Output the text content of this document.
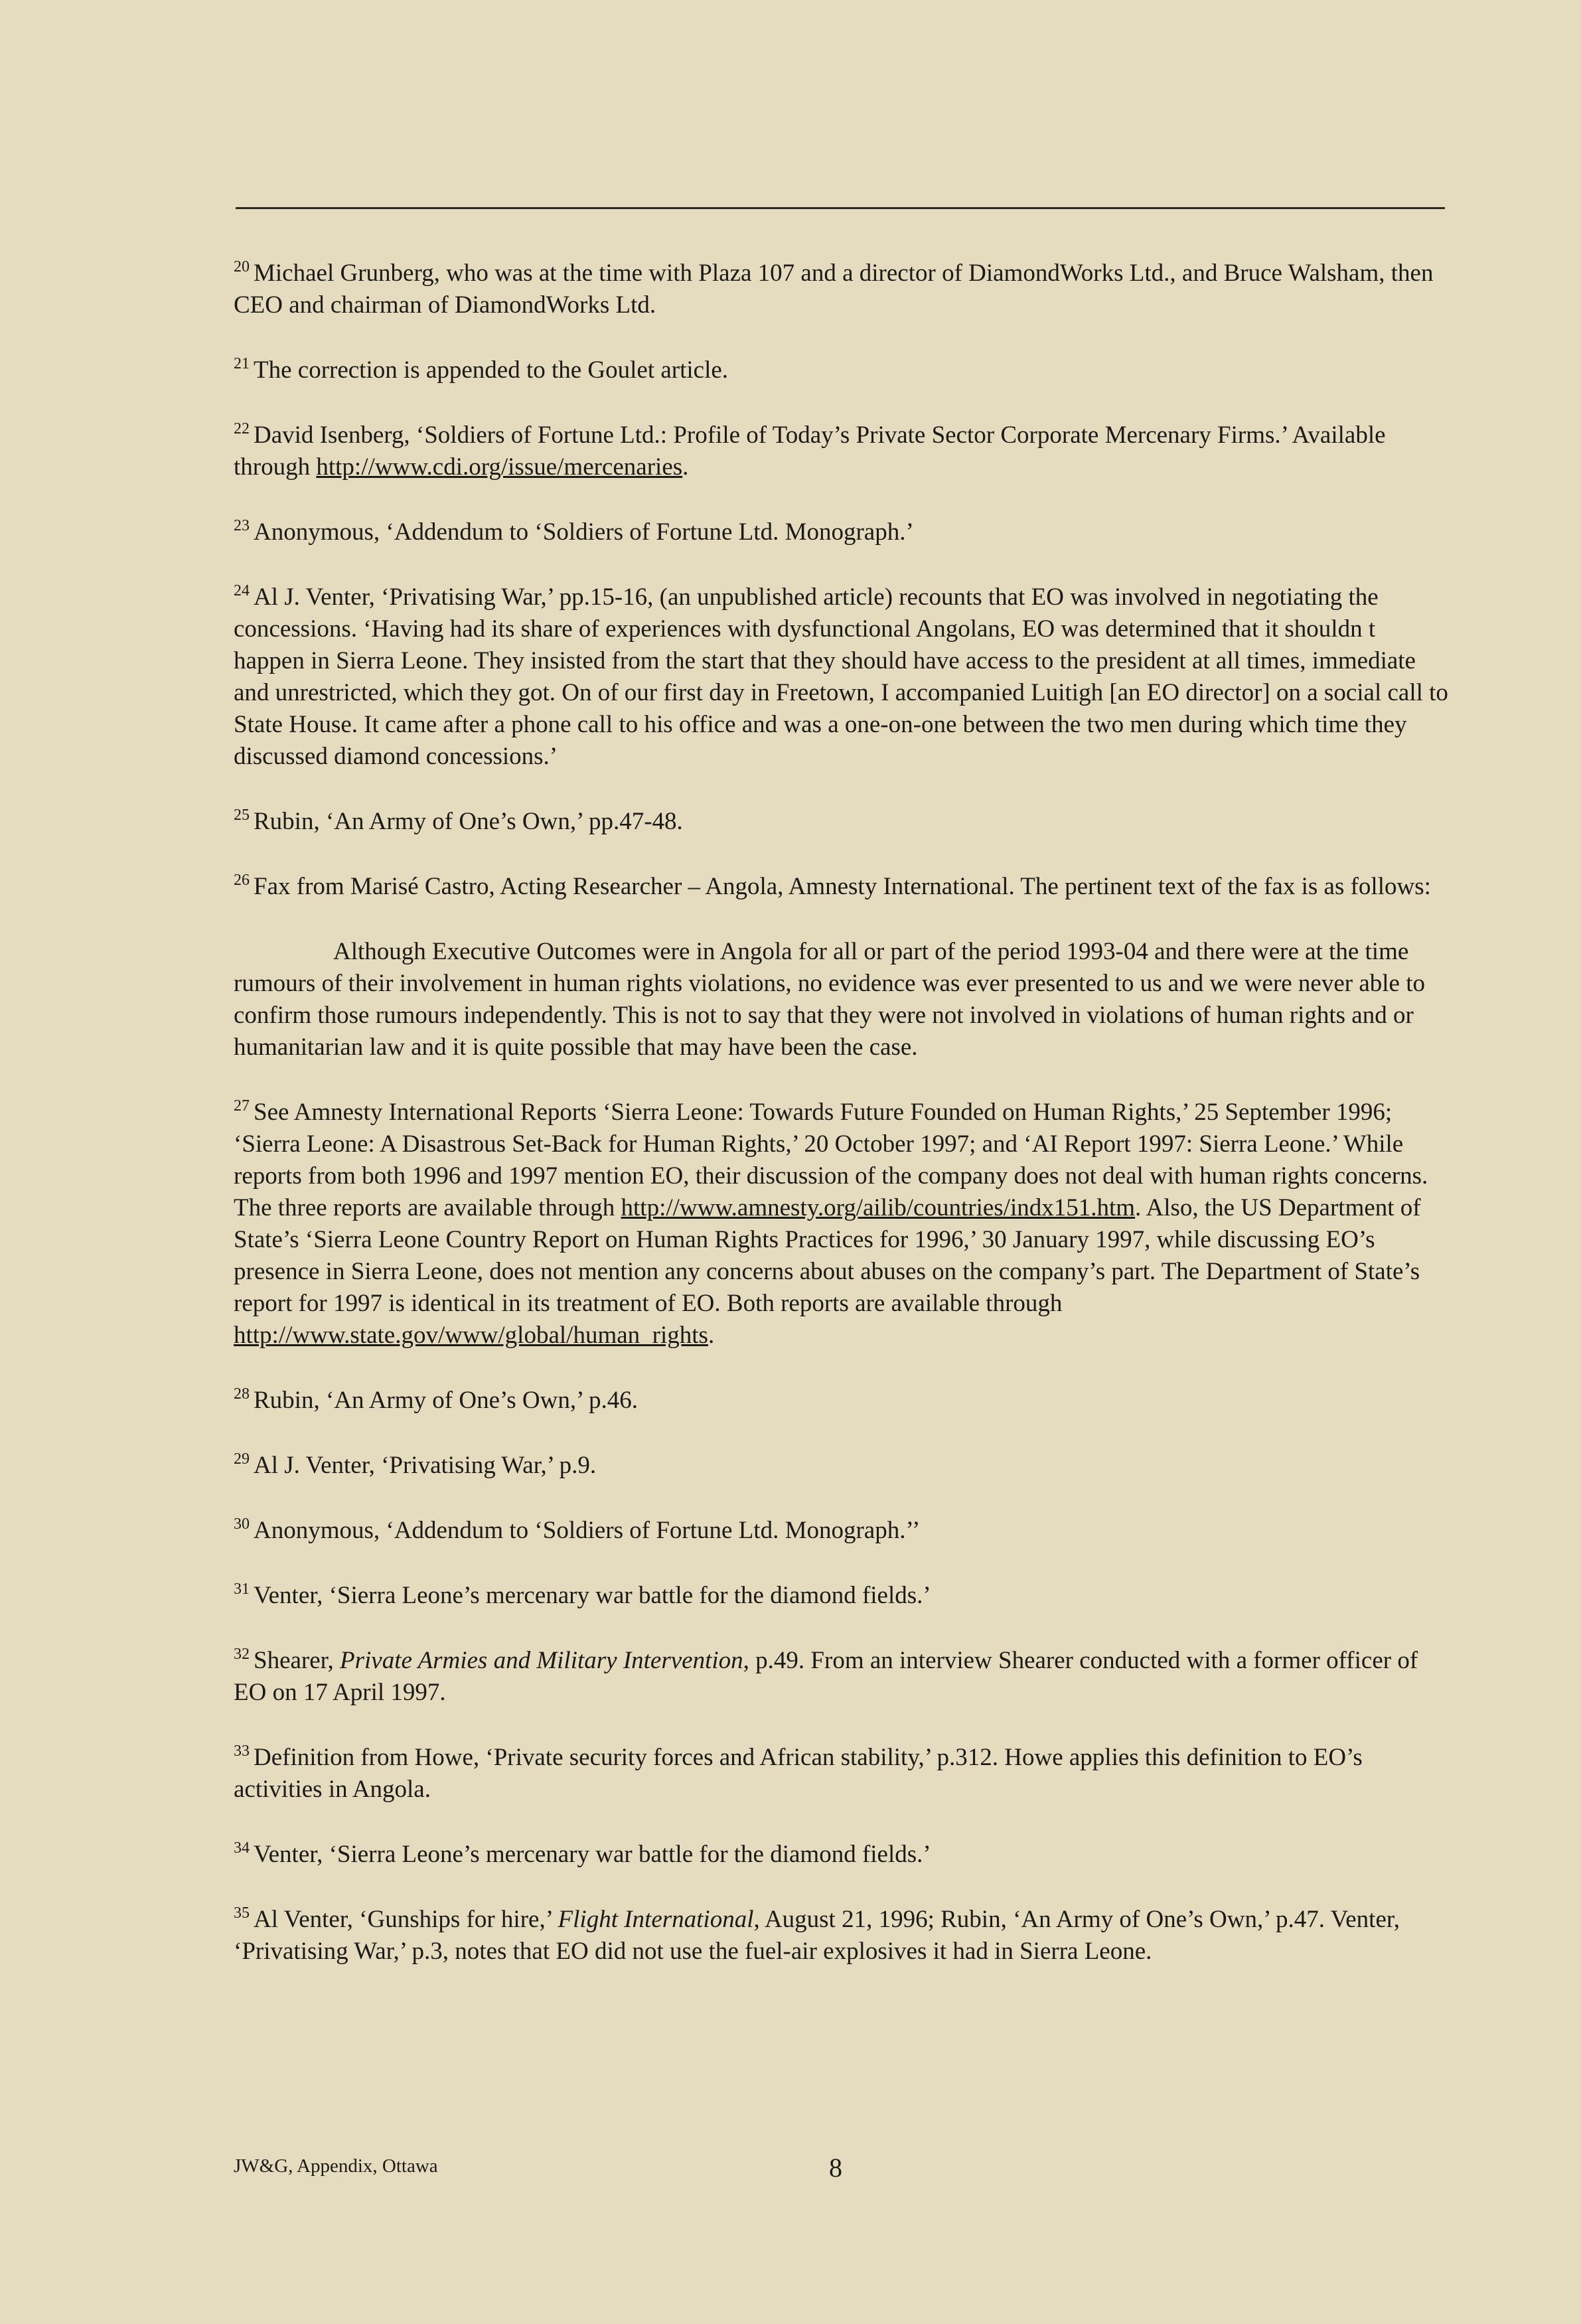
$^{20}$ Michael Grunberg, who was at the time with Plaza 107 and a director of DiamondWorks Ltd., and Bruce Walsham, then CEO and chairman of DiamondWorks Ltd.

$^{21}$ The correction is appended to the Goulet article.

$^{22}$ David Isenberg, ‘Soldiers of Fortune Ltd.: Profile of Today’s Private Sector Corporate Mercenary Firms.’ Available through http://www.cdi.org/issue/mercenaries.

$^{23}$ Anonymous, ‘Addendum to ‘Soldiers of Fortune Ltd. Monograph.’

$^{24}$ Al J. Venter, ‘Privatising War,’ pp.15-16, (an unpublished article) recounts that EO was involved in negotiating the concessions. ‘Having had its share of experiences with dysfunctional Angolans, EO was determined that it shouldn t happen in Sierra Leone. They insisted from the start that they should have access to the president at all times, immediate and unrestricted, which they got. On of our first day in Freetown, I accompanied Luitigh [an EO director] on a social call to State House. It came after a phone call to his office and was a one-on-one between the two men during which time they discussed diamond concessions.’

$^{25}$ Rubin, ‘An Army of One’s Own,’ pp.47-48.

$^{26}$ Fax from Marisé Castro, Acting Researcher – Angola, Amnesty International. The pertinent text of the fax is as follows:

Although Executive Outcomes were in Angola for all or part of the period 1993-04 and there were at the time rumours of their involvement in human rights violations, no evidence was ever presented to us and we were never able to confirm those rumours independently. This is not to say that they were not involved in violations of human rights and or humanitarian law and it is quite possible that may have been the case.

$^{27}$ See Amnesty International Reports ‘Sierra Leone: Towards Future Founded on Human Rights,’ 25 September 1996; ‘Sierra Leone: A Disastrous Set-Back for Human Rights,’ 20 October 1997; and ‘AI Report 1997: Sierra Leone.’ While reports from both 1996 and 1997 mention EO, their discussion of the company does not deal with human rights concerns. The three reports are available through http://www.amnesty.org/ailib/countries/indx151.htm. Also, the US Department of State’s ‘Sierra Leone Country Report on Human Rights Practices for 1996,’ 30 January 1997, while discussing EO’s presence in Sierra Leone, does not mention any concerns about abuses on the company’s part. The Department of State’s report for 1997 is identical in its treatment of EO. Both reports are available through http://www.state.gov/www/global/human_rights.

$^{28}$ Rubin, ‘An Army of One’s Own,’ p.46.

$^{29}$ Al J. Venter, ‘Privatising War,’ p.9.

$^{30}$ Anonymous, ‘Addendum to ‘Soldiers of Fortune Ltd. Monograph.’’

$^{31}$ Venter, ‘Sierra Leone’s mercenary war battle for the diamond fields.’

$^{32}$ Shearer, Private Armies and Military Intervention, p.49. From an interview Shearer conducted with a former officer of EO on 17 April 1997.

$^{33}$ Definition from Howe, ‘Private security forces and African stability,’ p.312. Howe applies this definition to EO’s activities in Angola.

$^{34}$ Venter, ‘Sierra Leone’s mercenary war battle for the diamond fields.’

$^{35}$ Al Venter, ‘Gunships for hire,’ Flight International, August 21, 1996; Rubin, ‘An Army of One’s Own,’ p.47. Venter, ‘Privatising War,’ p.3, notes that EO did not use the fuel-air explosives it had in Sierra Leone.

JW&G, Appendix, Ottawa	8
